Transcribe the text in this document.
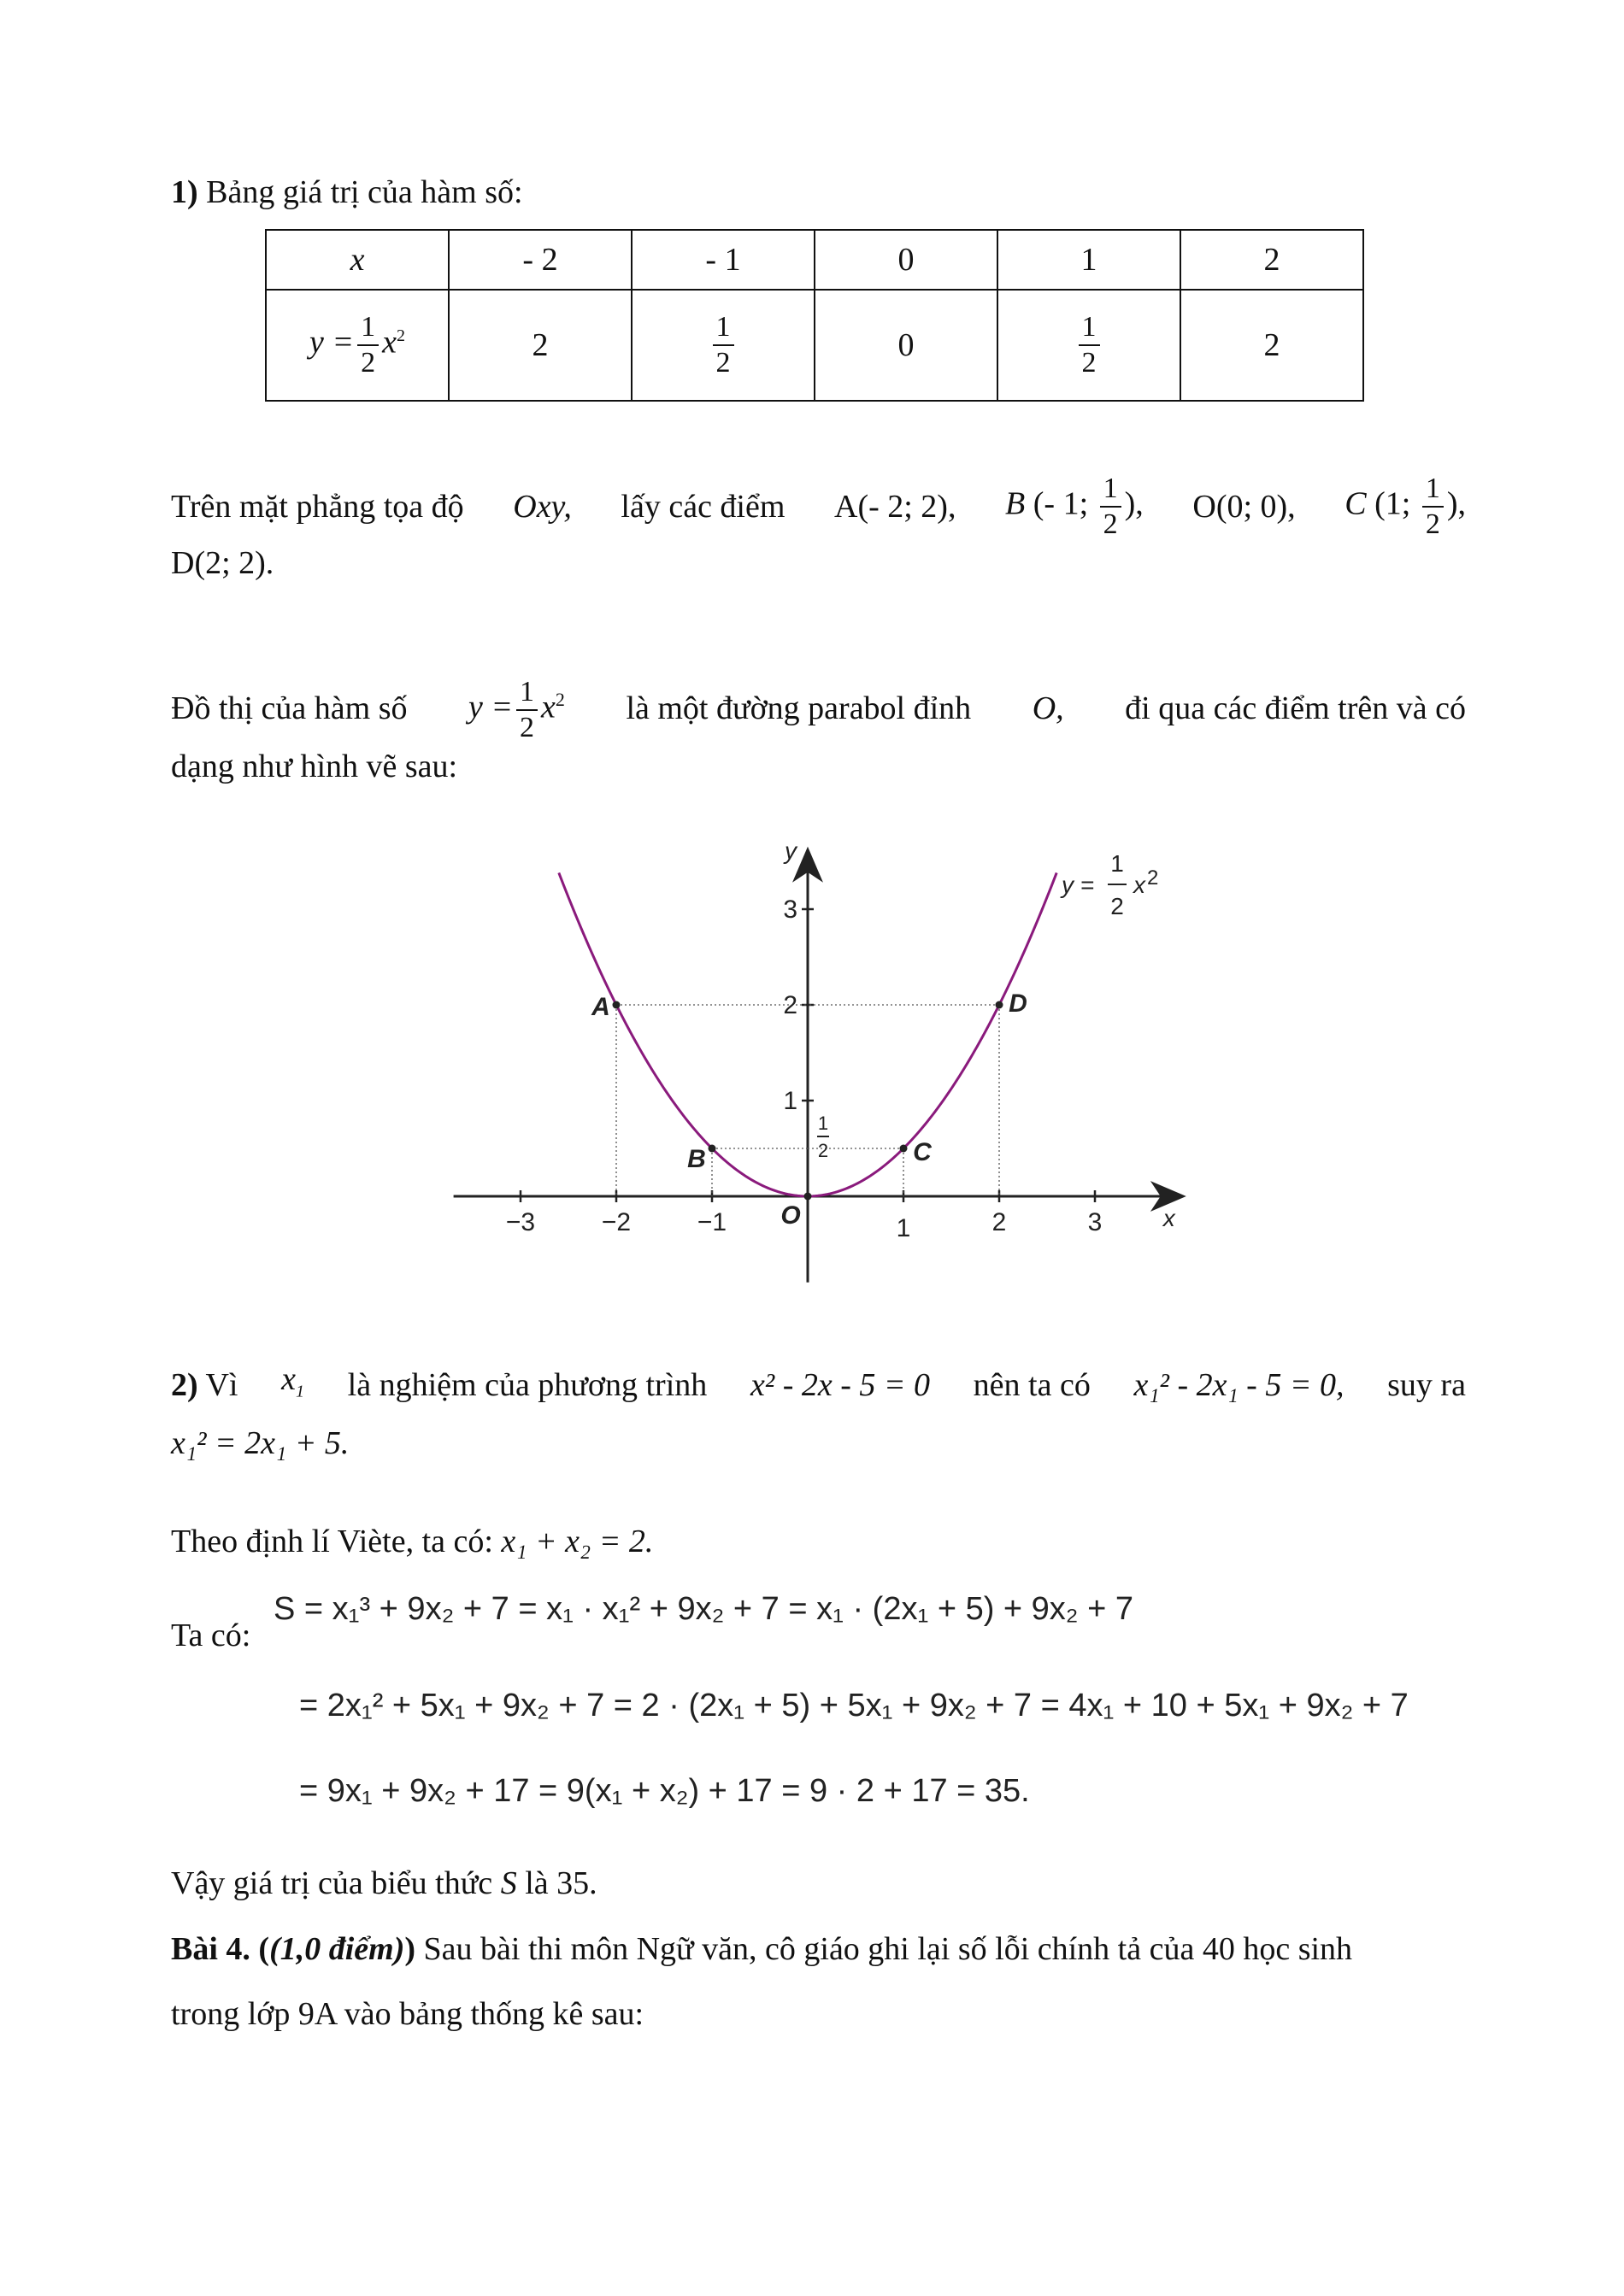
1) Bảng giá trị của hàm số:
x	- 2	- 1	0	1	2
$y = \frac{1}{2} x^2$	2	$\frac{1}{2}$	0	$\frac{1}{2}$	2
Trên mặt phẳng tọa độ Oxy, lấy các điểm A(- 2; 2), B (- 1; $\frac{1}{2}$ ), O(0; 0), C (1; $\frac{1}{2}$ ),
D(2; 2).
Đồ thị của hàm số $y = \frac{1}{2} x^2$ là một đường parabol đỉnh O, đi qua các điểm trên và có
dạng như hình vẽ sau:
−3	−2	−1	1	2	3
1
2
3
1
2
x
y
O
A
B	C
D
y =
1
2
x 2
2) Vì $x_1$ là nghiệm của phương trình x² - 2x - 5 = 0 nên ta có x₁² - 2x₁ - 5 = 0, suy ra
x₁² = 2x₁ + 5.
Theo định lí Viète, ta có: x₁ + x₂ = 2.
Ta có:
S = x₁³ + 9x₂ + 7 = x₁ · x₁² + 9x₂ + 7 = x₁ · (2x₁ + 5) + 9x₂ + 7
= 2x₁² + 5x₁ + 9x₂ + 7 = 2 · (2x₁ + 5) + 5x₁ + 9x₂ + 7 = 4x₁ + 10 + 5x₁ + 9x₂ + 7
= 9x₁ + 9x₂ + 17 = 9(x₁ + x₂) + 17 = 9 · 2 + 17 = 35.
Vậy giá trị của biểu thức S là 35.
Bài 4. ((1,0 điểm)) Sau bài thi môn Ngữ văn, cô giáo ghi lại số lỗi chính tả của 40 học sinh
trong lớp 9A vào bảng thống kê sau:
